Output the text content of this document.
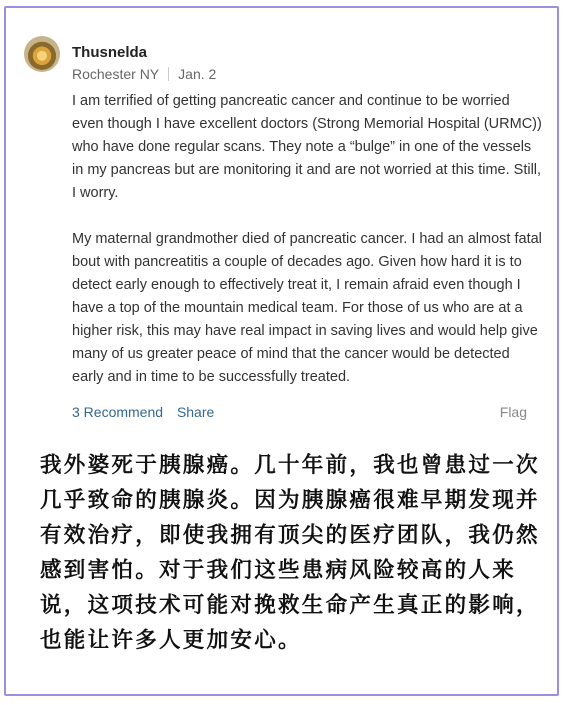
Thusnelda
Rochester NY Jan. 2

I am terrified of getting pancreatic cancer and continue to be worried even though I have excellent doctors (Strong Memorial Hospital (URMC)) who have done regular scans. They note a “bulge” in one of the vessels in my pancreas but are monitoring it and are not worried at this time. Still, I worry.

My maternal grandmother died of pancreatic cancer. I had an almost fatal bout with pancreatitis a couple of decades ago. Given how hard it is to detect early enough to effectively treat it, I remain afraid even though I have a top of the mountain medical team. For those of us who are at a higher risk, this may have real impact in saving lives and would help give many of us greater peace of mind that the cancer would be detected early and in time to be successfully treated.

3 Recommend Share	Flag
我外婆死于胰腺癌。几十年前，我也曾患过一次几乎致命的胰腺炎。因为胰腺癌很难早期发现并有效治疗，即使我拥有顶尖的医疗团队，我仍然感到害怕。对于我们这些患病风险较高的人来说，这项技术可能对挽救生命产生真正的影响，也能让许多人更加安心。
